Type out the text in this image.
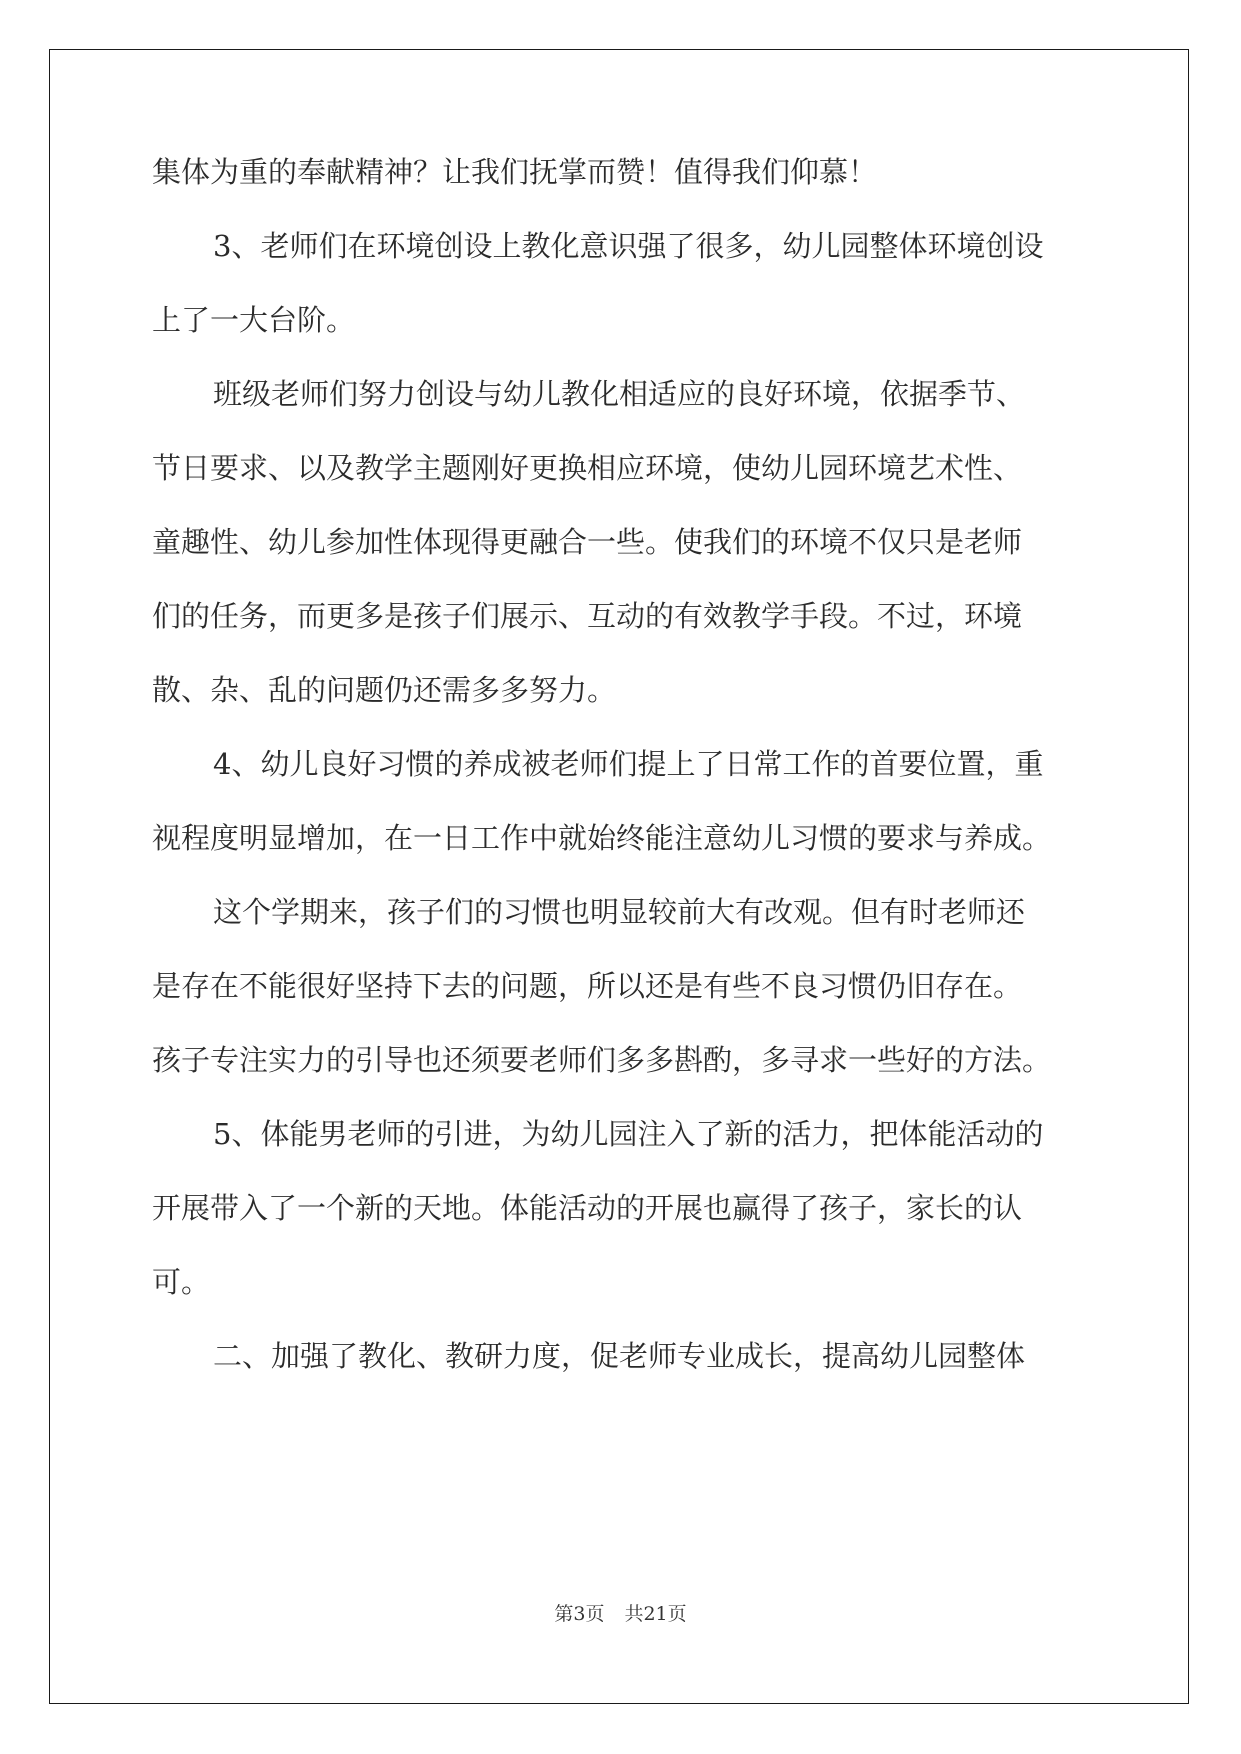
集体为重的奉献精神？让我们抚掌而赞！值得我们仰慕！
3、老师们在环境创设上教化意识强了很多，幼儿园整体环境创设
上了一大台阶。
班级老师们努力创设与幼儿教化相适应的良好环境，依据季节、
节日要求、以及教学主题刚好更换相应环境，使幼儿园环境艺术性、
童趣性、幼儿参加性体现得更融合一些。使我们的环境不仅只是老师
们的任务，而更多是孩子们展示、互动的有效教学手段。不过，环境
散、杂、乱的问题仍还需多多努力。
4、幼儿良好习惯的养成被老师们提上了日常工作的首要位置，重
视程度明显增加，在一日工作中就始终能注意幼儿习惯的要求与养成。
这个学期来，孩子们的习惯也明显较前大有改观。但有时老师还
是存在不能很好坚持下去的问题，所以还是有些不良习惯仍旧存在。
孩子专注实力的引导也还须要老师们多多斟酌，多寻求一些好的方法。
5、体能男老师的引进，为幼儿园注入了新的活力，把体能活动的
开展带入了一个新的天地。体能活动的开展也赢得了孩子，家长的认
可。
二、加强了教化、教研力度，促老师专业成长，提高幼儿园整体
第3页 共21页
